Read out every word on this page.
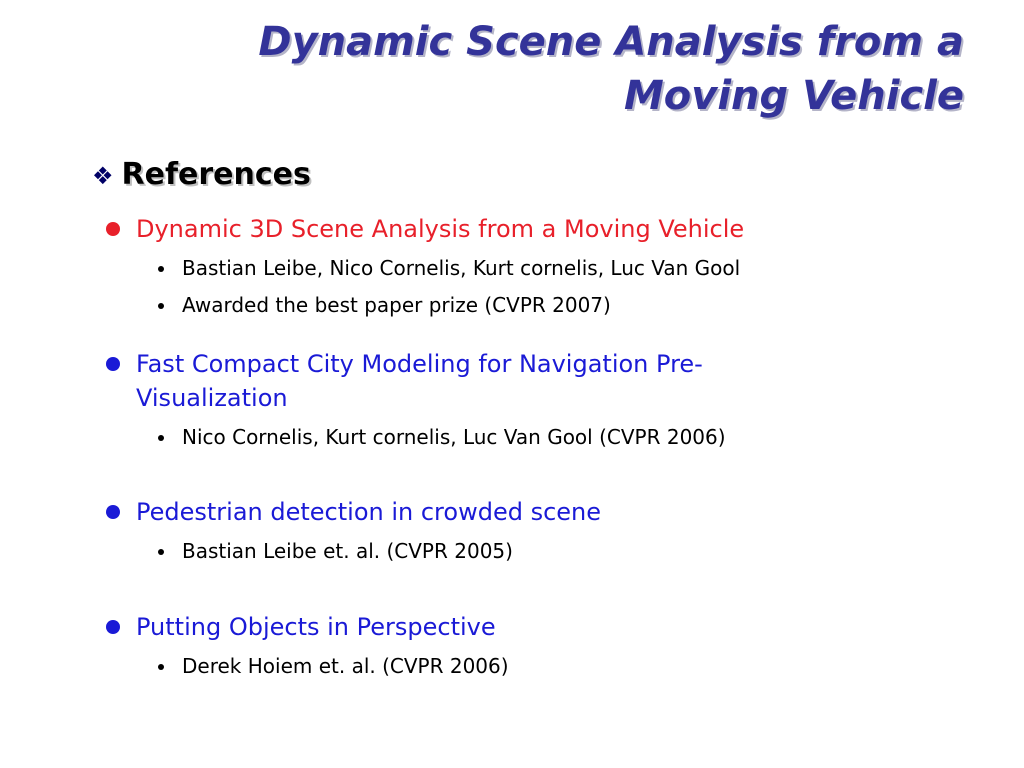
Dynamic Scene Analysis from a
Moving Vehicle
❖ References
Dynamic 3D Scene Analysis from a Moving Vehicle
Bastian Leibe, Nico Cornelis, Kurt cornelis, Luc Van Gool
Awarded the best paper prize (CVPR 2007)
Fast Compact City Modeling for Navigation Pre-
Visualization
Nico Cornelis, Kurt cornelis, Luc Van Gool (CVPR 2006)
Pedestrian detection in crowded scene
Bastian Leibe et. al. (CVPR 2005)
Putting Objects in Perspective
Derek Hoiem et. al. (CVPR 2006)
